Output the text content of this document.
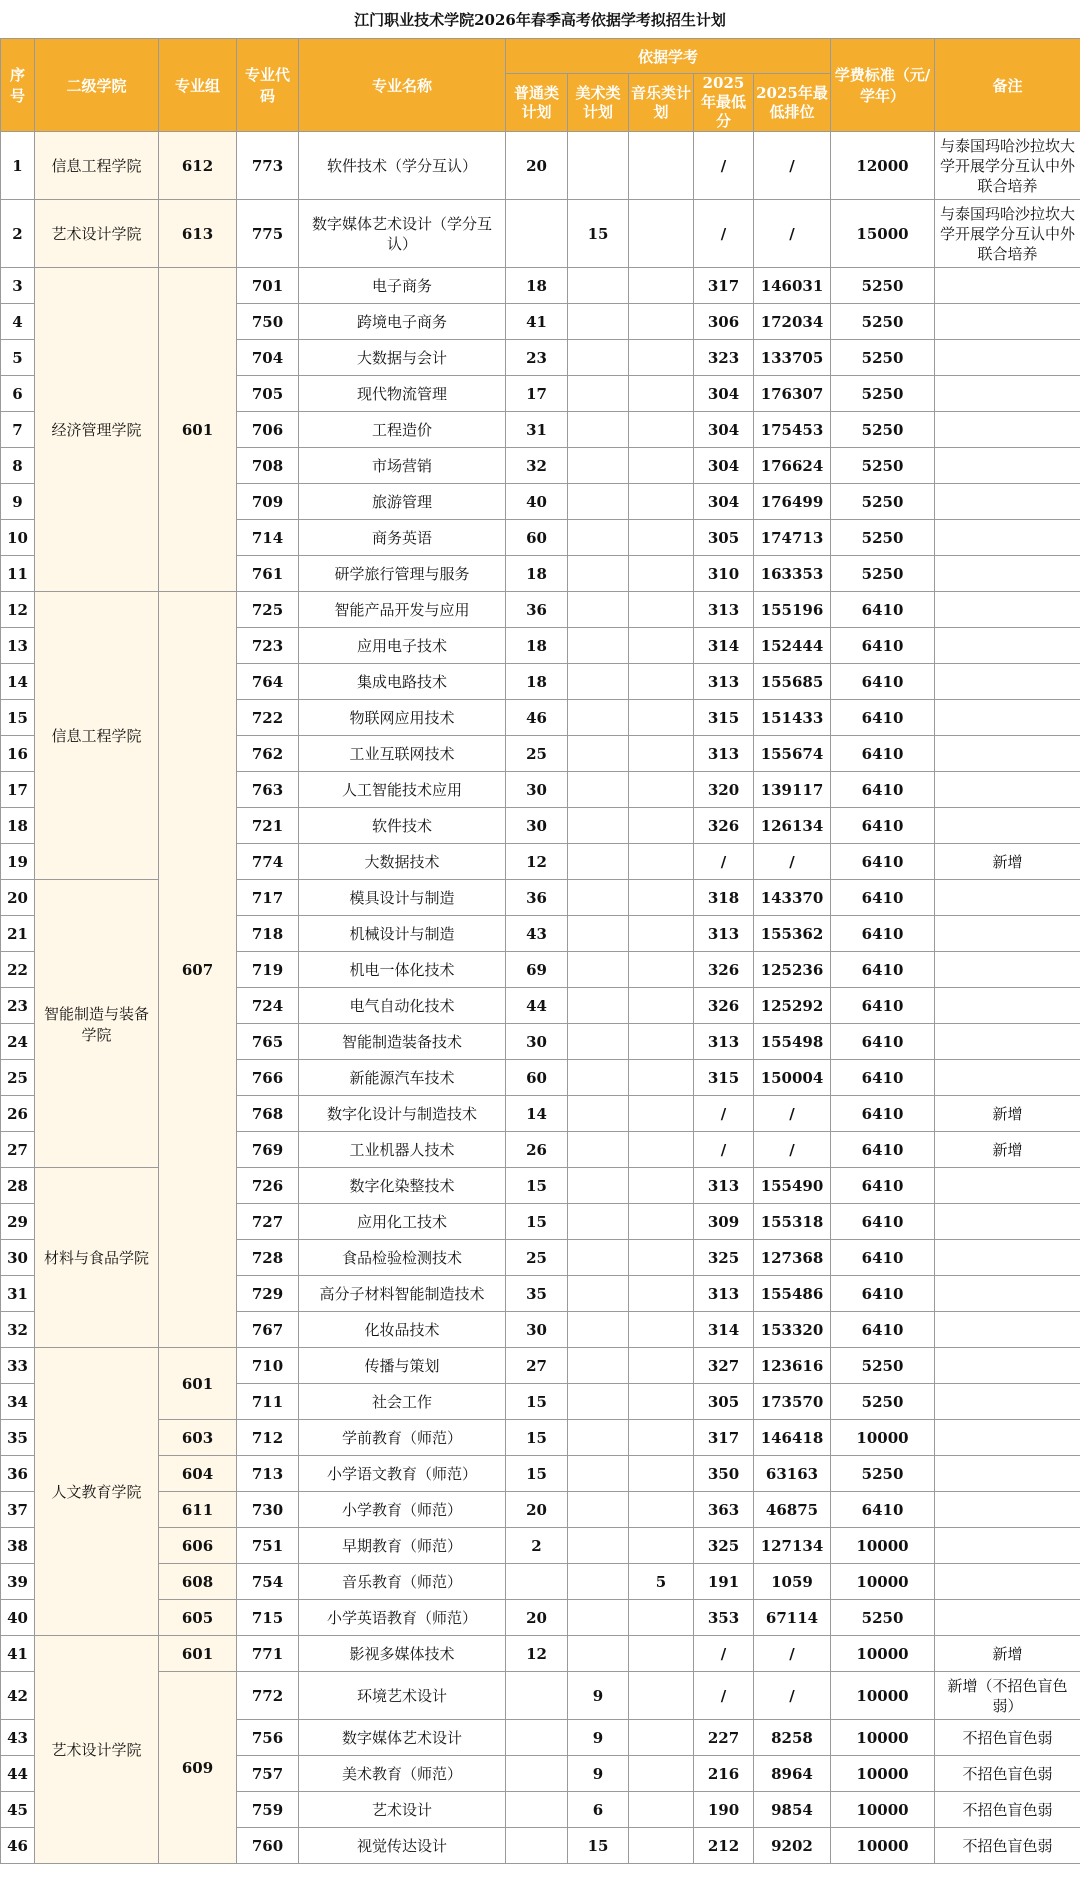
江门职业技术学院2026年春季高考依据学考拟招生计划
序号	二级学院	专业组	专业代码	专业名称	依据学考					学费标准（元/学年）	备注
					普通类计划	美术类计划	音乐类计划	2025年最低分	2025年最低排位		
1	信息工程学院	612	773	软件技术（学分互认）	20			/	/	12000	与泰国玛哈沙拉坎大学开展学分互认中外联合培养
2	艺术设计学院	613	775	数字媒体艺术设计（学分互认）		15		/	/	15000	与泰国玛哈沙拉坎大学开展学分互认中外联合培养
3	经济管理学院	601	701	电子商务	18			317	146031	5250	
4			750	跨境电子商务	41			306	172034	5250	
5			704	大数据与会计	23			323	133705	5250	
6			705	现代物流管理	17			304	176307	5250	
7			706	工程造价	31			304	175453	5250	
8			708	市场营销	32			304	176624	5250	
9			709	旅游管理	40			304	176499	5250	
10			714	商务英语	60			305	174713	5250	
11			761	研学旅行管理与服务	18			310	163353	5250	
12	信息工程学院	607	725	智能产品开发与应用	36			313	155196	6410	
13			723	应用电子技术	18			314	152444	6410	
14			764	集成电路技术	18			313	155685	6410	
15			722	物联网应用技术	46			315	151433	6410	
16			762	工业互联网技术	25			313	155674	6410	
17			763	人工智能技术应用	30			320	139117	6410	
18			721	软件技术	30			326	126134	6410	
19			774	大数据技术	12			/	/	6410	新增
20	智能制造与装备学院		717	模具设计与制造	36			318	143370	6410	
21			718	机械设计与制造	43			313	155362	6410	
22			719	机电一体化技术	69			326	125236	6410	
23			724	电气自动化技术	44			326	125292	6410	
24			765	智能制造装备技术	30			313	155498	6410	
25			766	新能源汽车技术	60			315	150004	6410	
26			768	数字化设计与制造技术	14			/	/	6410	新增
27			769	工业机器人技术	26			/	/	6410	新增
28	材料与食品学院		726	数字化染整技术	15			313	155490	6410	
29			727	应用化工技术	15			309	155318	6410	
30			728	食品检验检测技术	25			325	127368	6410	
31			729	高分子材料智能制造技术	35			313	155486	6410	
32			767	化妆品技术	30			314	153320	6410	
33	人文教育学院	601	710	传播与策划	27			327	123616	5250	
34			711	社会工作	15			305	173570	5250	
35		603	712	学前教育（师范）	15			317	146418	10000	
36		604	713	小学语文教育（师范）	15			350	63163	5250	
37		611	730	小学教育（师范）	20			363	46875	6410	
38		606	751	早期教育（师范）	2			325	127134	10000	
39		608	754	音乐教育（师范）			5	191	1059	10000	
40		605	715	小学英语教育（师范）	20			353	67114	5250	
41	艺术设计学院	601	771	影视多媒体技术	12			/	/	10000	新增
42		609	772	环境艺术设计		9		/	/	10000	新增（不招色盲色弱）
43			756	数字媒体艺术设计		9		227	8258	10000	不招色盲色弱
44			757	美术教育（师范）		9		216	8964	10000	不招色盲色弱
45			759	艺术设计		6		190	9854	10000	不招色盲色弱
46			760	视觉传达设计		15		212	9202	10000	不招色盲色弱
